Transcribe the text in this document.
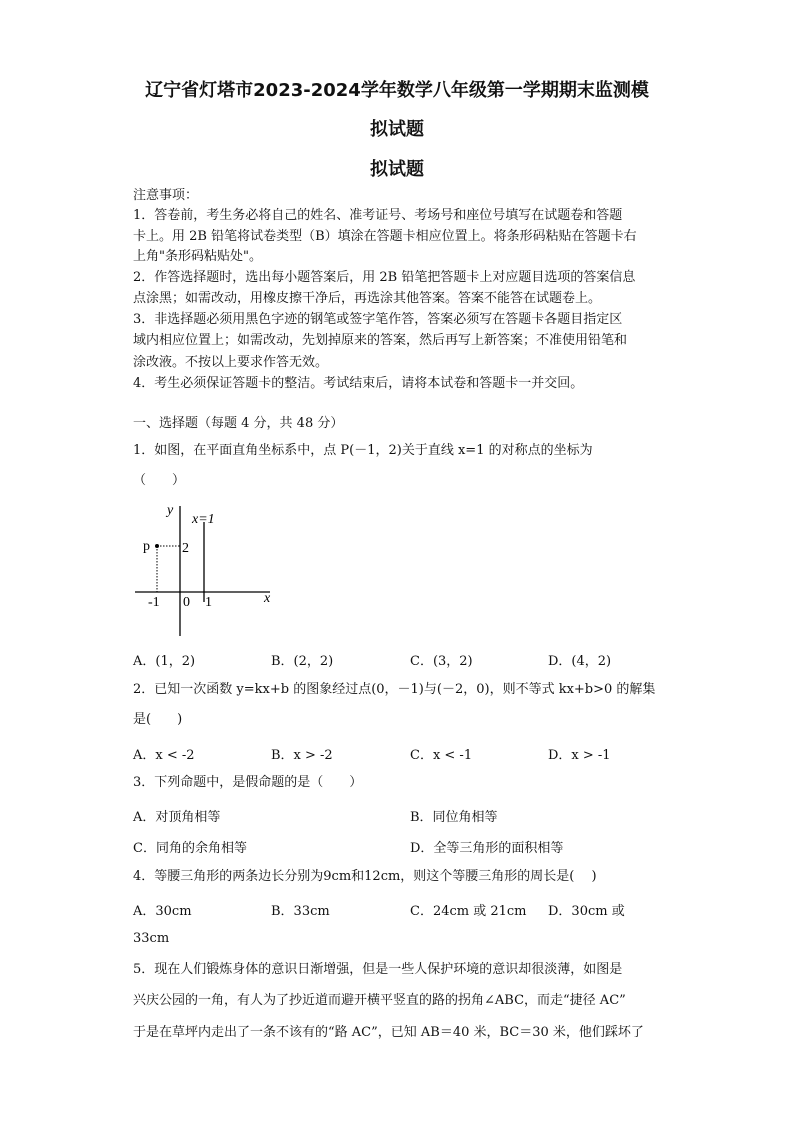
辽宁省灯塔市2023-2024学年数学八年级第一学期期末监测模
拟试题
拟试题
注意事项：
1．答卷前，考生务必将自己的姓名、准考证号、考场号和座位号填写在试题卷和答题
卡上。用 2B 铅笔将试卷类型（B）填涂在答题卡相应位置上。将条形码粘贴在答题卡右
上角"条形码粘贴处"。
2．作答选择题时，选出每小题答案后，用 2B 铅笔把答题卡上对应题目选项的答案信息
点涂黑；如需改动，用橡皮擦干净后，再选涂其他答案。答案不能答在试题卷上。
3．非选择题必须用黑色字迹的钢笔或签字笔作答，答案必须写在答题卡各题目指定区
域内相应位置上；如需改动，先划掉原来的答案，然后再写上新答案；不准使用铅笔和
涂改液。不按以上要求作答无效。
4．考生必须保证答题卡的整洁。考试结束后，请将本试卷和答题卡一并交回。
一、选择题（每题 4 分，共 48 分）
1．如图，在平面直角坐标系中，点 P(－1，2)关于直线 x=1 的对称点的坐标为
（　　）
y
x=1
p 2
-1 0 1	x
A．(1，2)	B．(2，2)	C．(3，2)	D．(4，2)
2．已知一次函数 y=kx+b 的图象经过点(0，－1)与(－2，0)，则不等式 kx+b>0 的解集
是(　　)
A．x < -2	B．x > -2	C．x < -1	D．x > -1
3．下列命题中，是假命题的是（　　）
A．对顶角相等	B．同位角相等
C．同角的余角相等	D．全等三角形的面积相等
4．等腰三角形的两条边长分别为9cm和12cm，则这个等腰三角形的周长是(　 )
A．30cm	B．33cm	C．24cm 或 21cm D．30cm 或
33cm
5．现在人们锻炼身体的意识日渐增强，但是一些人保护环境的意识却很淡薄，如图是
兴庆公园的一角，有人为了抄近道而避开横平竖直的路的拐角∠ABC，而走“捷径 AC”
于是在草坪内走出了一条不该有的“路 AC”，已知 AB＝40 米，BC＝30 米，他们踩坏了
